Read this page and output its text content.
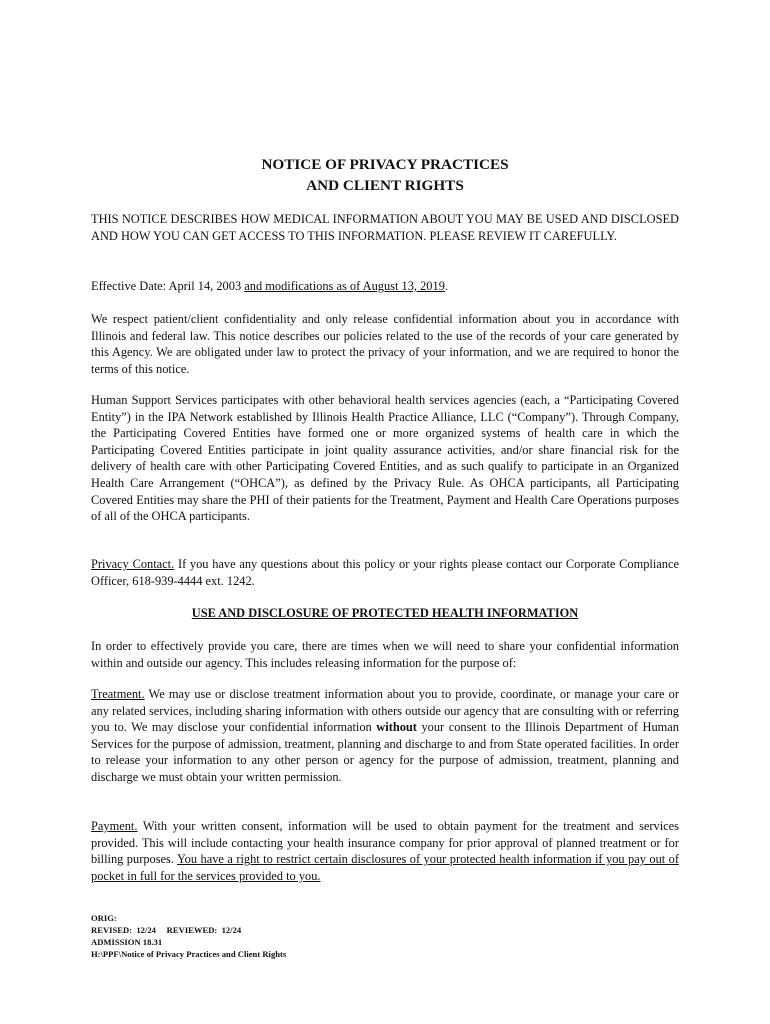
NOTICE OF PRIVACY PRACTICES
AND CLIENT RIGHTS

THIS NOTICE DESCRIBES HOW MEDICAL INFORMATION ABOUT YOU MAY BE USED AND DISCLOSED AND HOW YOU CAN GET ACCESS TO THIS INFORMATION. PLEASE REVIEW IT CAREFULLY.

Effective Date: April 14, 2003 and modifications as of August 13, 2019.

We respect patient/client confidentiality and only release confidential information about you in accordance with Illinois and federal law. This notice describes our policies related to the use of the records of your care generated by this Agency. We are obligated under law to protect the privacy of your information, and we are required to honor the terms of this notice.

Human Support Services participates with other behavioral health services agencies (each, a “Participating Covered Entity”) in the IPA Network established by Illinois Health Practice Alliance, LLC (“Company”). Through Company, the Participating Covered Entities have formed one or more organized systems of health care in which the Participating Covered Entities participate in joint quality assurance activities, and/or share financial risk for the delivery of health care with other Participating Covered Entities, and as such qualify to participate in an Organized Health Care Arrangement (“OHCA”), as defined by the Privacy Rule. As OHCA participants, all Participating Covered Entities may share the PHI of their patients for the Treatment, Payment and Health Care Operations purposes of all of the OHCA participants.

Privacy Contact. If you have any questions about this policy or your rights please contact our Corporate Compliance Officer, 618-939-4444 ext. 1242.

USE AND DISCLOSURE OF PROTECTED HEALTH INFORMATION

In order to effectively provide you care, there are times when we will need to share your confidential information within and outside our agency. This includes releasing information for the purpose of:

Treatment. We may use or disclose treatment information about you to provide, coordinate, or manage your care or any related services, including sharing information with others outside our agency that are consulting with or referring you to. We may disclose your confidential information without your consent to the Illinois Department of Human Services for the purpose of admission, treatment, planning and discharge to and from State operated facilities. In order to release your information to any other person or agency for the purpose of admission, treatment, planning and discharge we must obtain your written permission.

Payment. With your written consent, information will be used to obtain payment for the treatment and services provided. This will include contacting your health insurance company for prior approval of planned treatment or for billing purposes. You have a right to restrict certain disclosures of your protected health information if you pay out of pocket in full for the services provided to you.

ORIG:
REVISED:  12/24     REVIEWED:  12/24
ADMISSION 18.31
H:\PPF\Notice of Privacy Practices and Client Rights
